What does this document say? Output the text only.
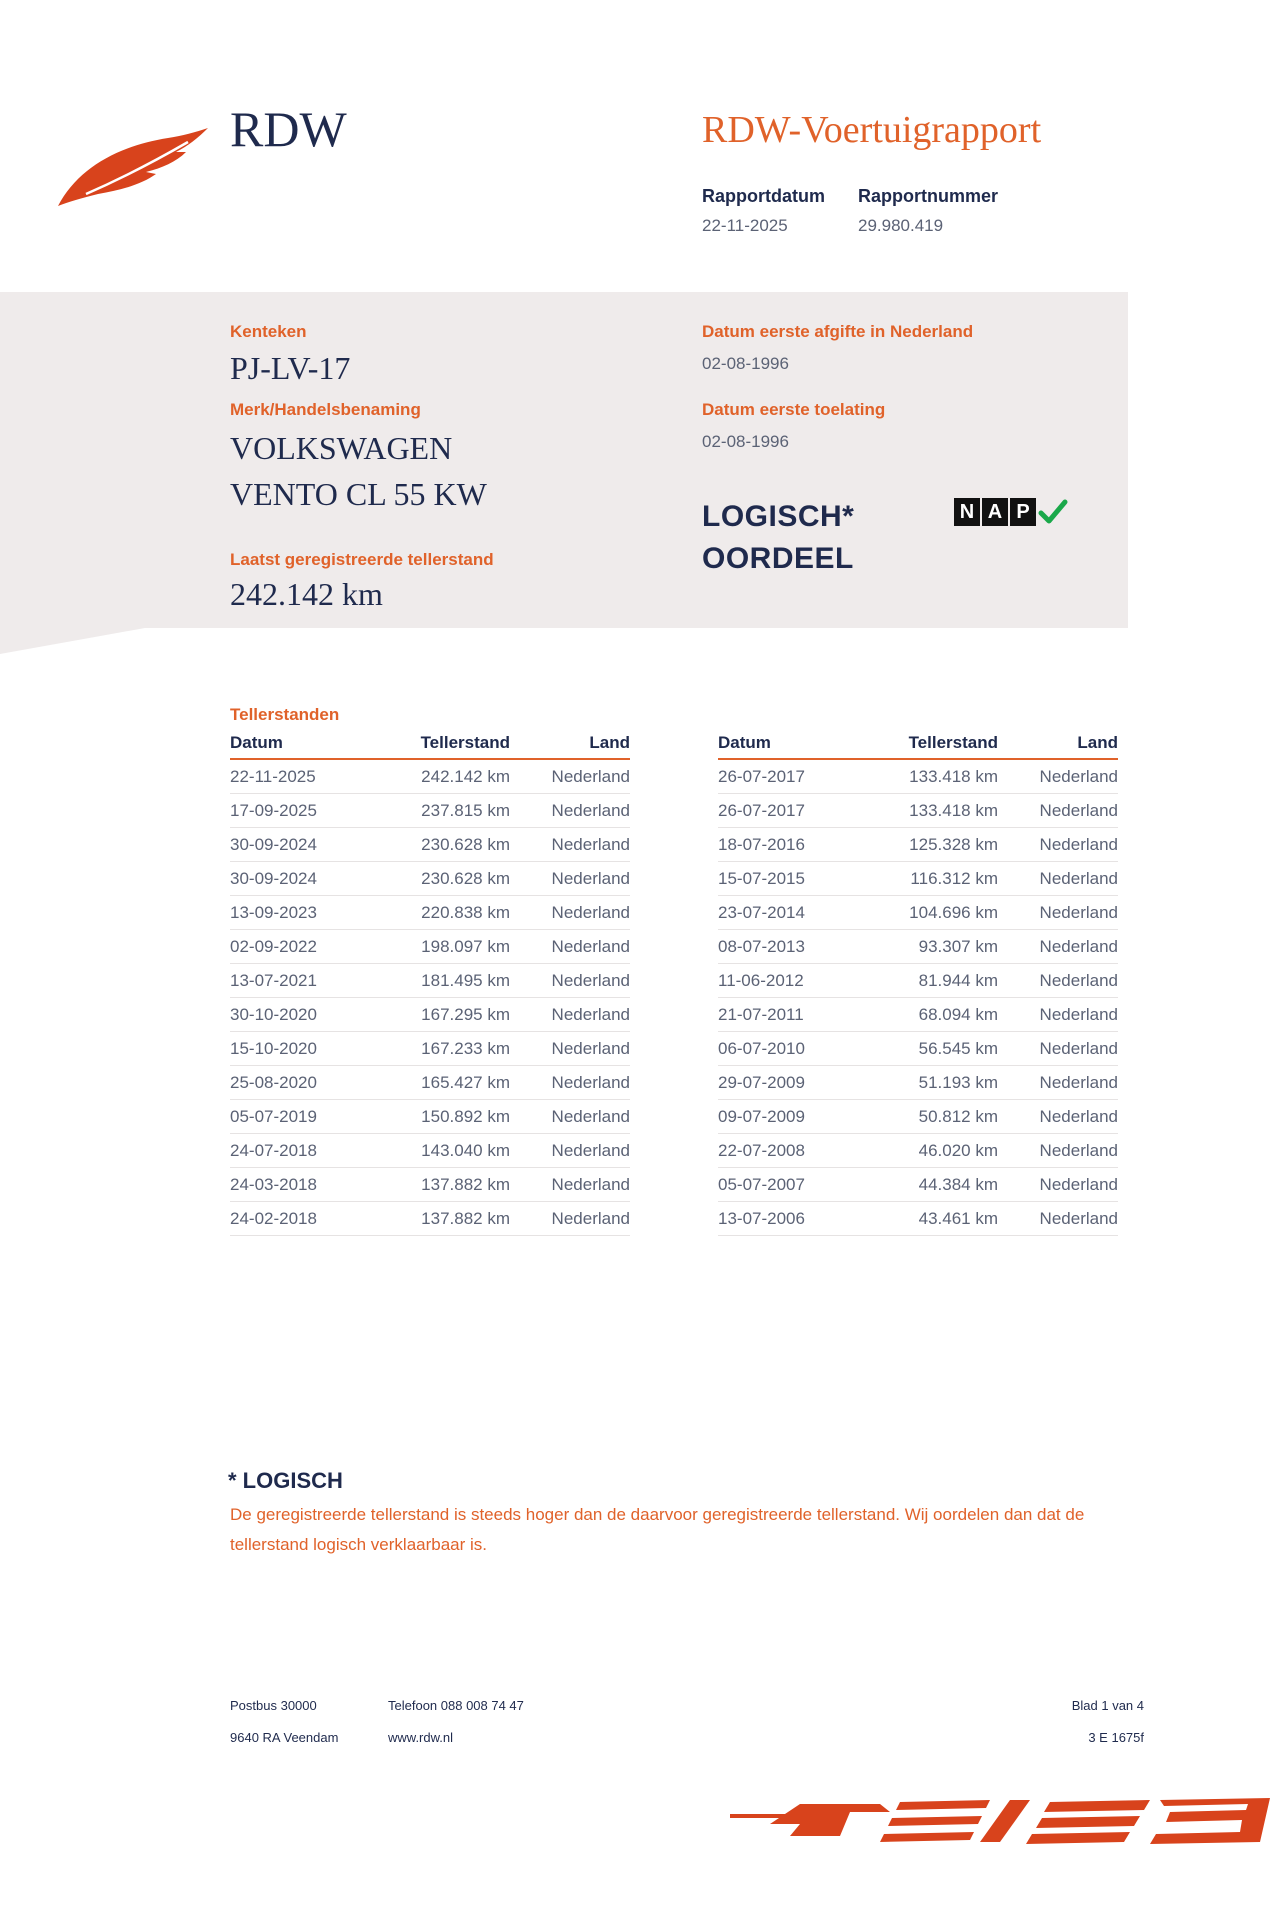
RDW	RDW-Voertuigrapport
Rapportdatum
22-11-2025
Rapportnummer
29.980.419
Kenteken
PJ-LV-17
Merk/Handelsbenaming
VOLKSWAGEN
VENTO CL 55 KW
Laatst geregistreerde tellerstand
242.142 km
Datum eerste afgifte in Nederland
02-08-1996
Datum eerste toelating
02-08-1996
LOGISCH*
OORDEEL
N A P
Tellerstanden
Datum	Tellerstand	Land
22-11-2025	242.142 km	Nederland
17-09-2025	237.815 km	Nederland
30-09-2024	230.628 km	Nederland
30-09-2024	230.628 km	Nederland
13-09-2023	220.838 km	Nederland
02-09-2022	198.097 km	Nederland
13-07-2021	181.495 km	Nederland
30-10-2020	167.295 km	Nederland
15-10-2020	167.233 km	Nederland
25-08-2020	165.427 km	Nederland
05-07-2019	150.892 km	Nederland
24-07-2018	143.040 km	Nederland
24-03-2018	137.882 km	Nederland
24-02-2018	137.882 km	Nederland
Datum	Tellerstand	Land
26-07-2017	133.418 km	Nederland
26-07-2017	133.418 km	Nederland
18-07-2016	125.328 km	Nederland
15-07-2015	116.312 km	Nederland
23-07-2014	104.696 km	Nederland
08-07-2013	93.307 km	Nederland
11-06-2012	81.944 km	Nederland
21-07-2011	68.094 km	Nederland
06-07-2010	56.545 km	Nederland
29-07-2009	51.193 km	Nederland
09-07-2009	50.812 km	Nederland
22-07-2008	46.020 km	Nederland
05-07-2007	44.384 km	Nederland
13-07-2006	43.461 km	Nederland
* LOGISCH
De geregistreerde tellerstand is steeds hoger dan de daarvoor geregistreerde tellerstand. Wij oordelen dan dat de tellerstand logisch verklaarbaar is.
Postbus 30000
9640 RA Veendam
Telefoon 088 008 74 47
www.rdw.nl
Blad 1 van 4
3 E 1675f
